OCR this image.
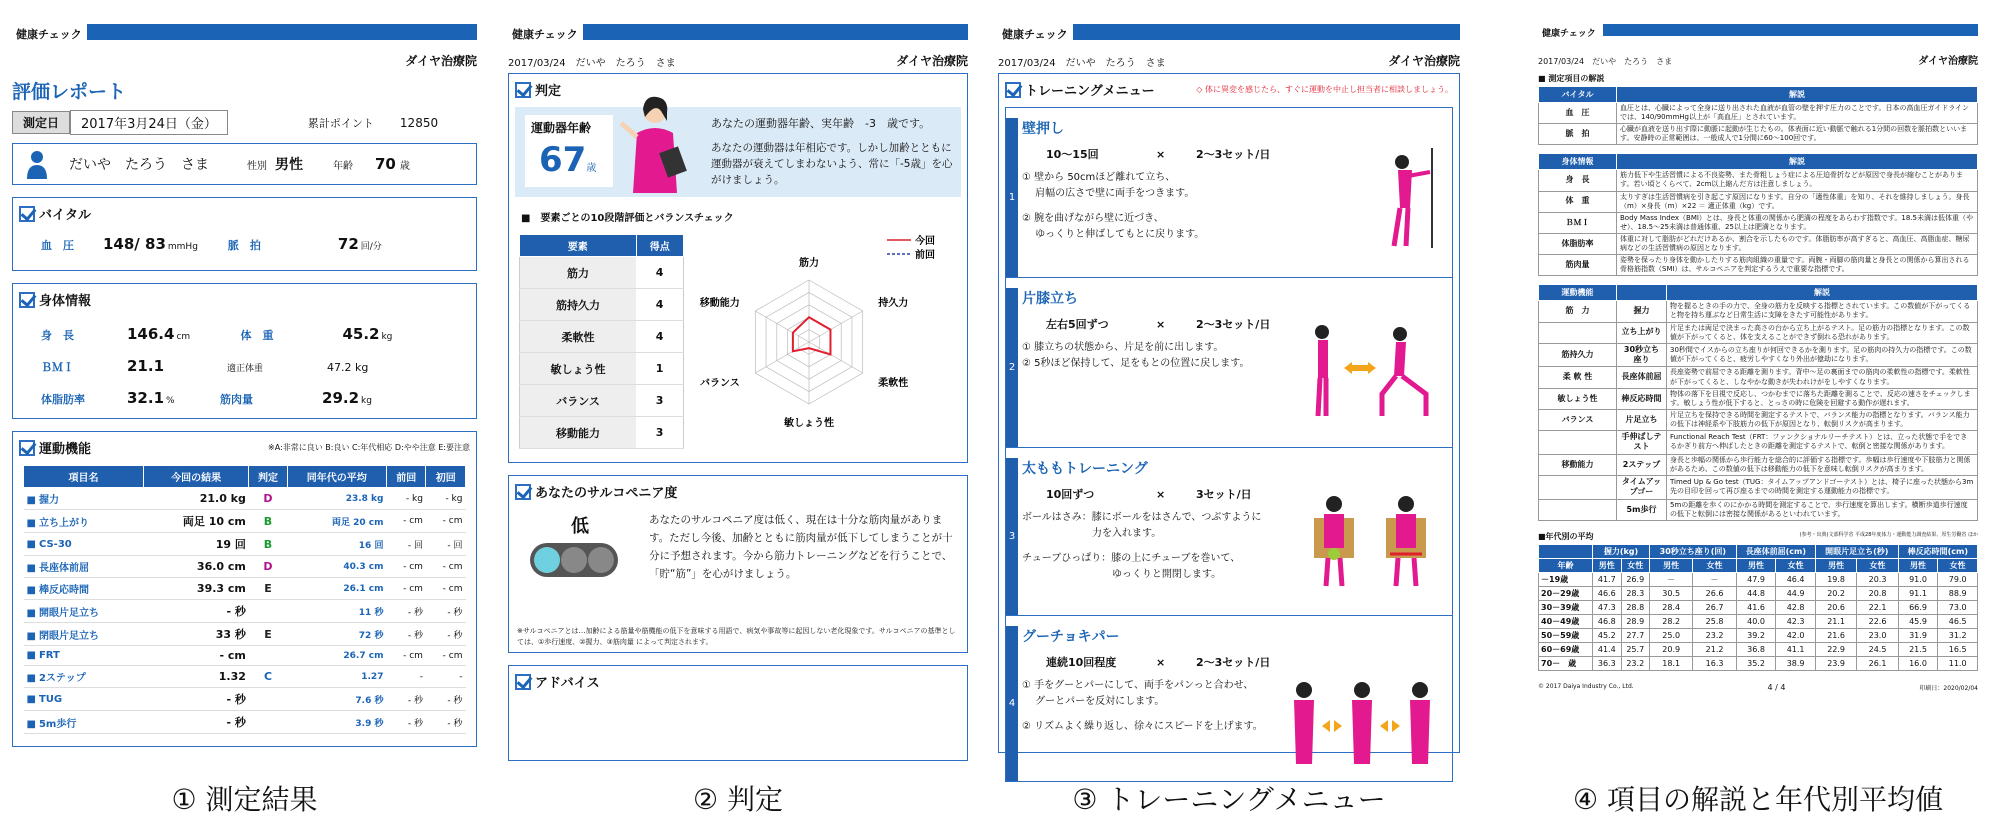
健康チェック
ダイヤ治療院
評価レポート
測定日	2017年3月24日（金）	累計ポイント 12850
だいや　たろう　さま	性別 男性	年齢 70 歳
バイタル
血　圧	148/ 83 mmHg	脈　拍	72 回/分
身体情報
身　長	146.4 cm	体　重	45.2 kg
ＢＭＩ	21.1	適正体重	47.2 kg
体脂肪率	32.1 %	筋肉量	29.2 kg
運動機能	※A:非常に良い B:良い C:年代相応 D:やや注意 E:要注意
項目名	今回の結果	判定	同年代の平均	前回	初回
■ 握力	21.0 kg	D	23.8 kg	- kg	- kg
■ 立ち上がり	両足 10 cm	B	両足 20 cm	- cm	- cm
■ CS-30	19 回	B	16 回	- 回	- 回
■ 長座体前屈	36.0 cm	D	40.3 cm	- cm	- cm
■ 棒反応時間	39.3 cm	E	26.1 cm	- cm	- cm
■ 開眼片足立ち	- 秒		11 秒	- 秒	- 秒
■ 閉眼片足立ち	33 秒	E	72 秒	- 秒	- 秒
■ FRT	- cm		26.7 cm	- cm	- cm
■ 2ステップ	1.32	C	1.27	-	-
■ TUG	- 秒		7.6 秒	- 秒	- 秒
■ 5m歩行	- 秒		3.9 秒	- 秒	- 秒
健康チェック
2017/03/24　 だいや　たろう　さま	ダイヤ治療院
判定
運動器年齢
67歳
あなたの運動器年齢、実年齢　-3　歳です。
あなたの運動器は年相応です。しかし加齢とともに運動器が衰えてしまわないよう、常に「-5歳」を心がけましょう。
■　要素ごとの10段階評価とバランスチェック
要素	得点
筋力	4
筋持久力	4
柔軟性	4
敏しょう性	1
バランス	3
移動能力	3
筋力
持久力
柔軟性
敏しょう性
バランス
移動能力
今回
前回
あなたのサルコペニア度
低	あなたのサルコペニア度は低く、現在は十分な筋肉量があります。ただし今後、加齢とともに筋肉量が低下してしまうことが十分に予想されます。今から筋力トレーニングなどを行うことで、「貯“筋”」を心がけましょう。
※サルコペニアとは…加齢による筋量や筋機能の低下を意味する用語で、病気や事故等に起因しない老化現象です。サルコペニアの基準としては、①歩行速度、②握力、③筋肉量 によって判定されます。
アドバイス
健康チェック
2017/03/24　 だいや　たろう　さま	ダイヤ治療院
トレーニングメニュー	◇ 体に異変を感じたら、すぐに運動を中止し担当者に相談しましょう。
1
壁押し
10～15回	×	2～3セット/日
① 壁から 50cmほど離れて立ち、
　 肩幅の広さで壁に両手をつきます。
② 腕を曲げながら壁に近づき、
　 ゆっくりと伸ばしてもとに戻ります。
2
片膝立ち
左右5回ずつ	×	2～3セット/日
① 膝立ちの状態から、片足を前に出します。
② 5秒ほど保持して、足をもとの位置に戻します。
3
太ももトレーニング
10回ずつ	×	3セット/日
ボールはさみ：膝にボールをはさんで、つぶすように
　　　　　　　力を入れます。
チューブひっぱり：膝の上にチューブを巻いて、
　　　　　　　　　ゆっくりと開閉します。
4
グーチョキパー
連続10回程度	×	2～3セット/日
① 手をグーとパーにして、両手をパンっと合わせ、
　 グーとパーを反対にします。
② リズムよく繰り返し、徐々にスピードを上げます。
健康チェック
2017/03/24　 だいや　たろう　さま	ダイヤ治療院
■ 測定項目の解説
バイタル	解説
血　圧	血圧とは、心臓によって全身に送り出された血液が血管の壁を押す圧力のことです。日本の高血圧ガイドラインでは、140/90mmHg以上が「高血圧」とされています。
脈　拍	心臓が血液を送り出す際に動脈に起動が生じたもの。体表面に近い動脈で触れる1分間の回数を脈拍数といいます。安静時の正常範囲は、一般成人で1分間に60～100回です。
身体情報	解説
身　長	筋力低下や生活習慣による不良姿勢、また骨粗しょう症による圧迫骨折などが原因で身長が縮むことがあります。若い頃とくらべて、2cm以上縮んだ方は注意しましょう。
体　重	太りすぎは生活習慣病を引き起こす原因になります。自分の「適性体重」を知り、それを維持しましょう。身長（m）×身長（m）×22 ＝ 適正体重（kg）です。
ＢＭＩ	Body Mass Index（BMI）とは、身長と体重の関係から肥満の程度をあらわす指数です。18.5未満は低体重（やせ）、18.5～25未満は普通体重、25以上は肥満となります。
体脂肪率	体重に対して脂肪がどれだけあるか、割合を示したものです。体脂肪率が高すぎると、高血圧、高脂血症、糖尿病などの生活習慣病の原因となります。
筋肉量	姿勢を保ったり身体を動かしたりする筋肉組織の重量です。両腕・両脚の筋肉量と身長との関係から算出される骨格筋指数（SMI）は、サルコペニアを判定するうえで重要な指標です。
運動機能		解説
筋　力	握力	物を握るときの手の力で、全身の筋力を反映する指標とされています。この数値が下がってくると物を持ち運ぶなど日常生活に支障をきたす可能性があります。
	立ち上がり	片足または両足で決まった高さの台から立ち上がるテスト。足の筋力の指標となります。この数値が下がってくると、体を支えることができず倒れる恐れがあります。
筋持久力	30秒立ち座り	30秒間でイスからの立ち座りが何回できるかを測ります。足の筋肉の持久力の指標です。この数値が下がってくると、疲労しやすくなり外出が億劫になります。
柔 軟 性	長座体前屈	長座姿勢で前屈できる距離を測ります。背中～足の裏面までの筋肉の柔軟性の指標です。柔軟性が下がってくると、しなやかな動きが失われけがをしやすくなります。
敏しょう性	棒反応時間	物体の落下を目視で反応し、つかむまでに落ちた距離を測ることで、反応の速さをチェックします。敏しょう性が低下すると、とっさの時に危険を回避する動作が遅れます。
バランス	片足立ち	片足立ちを保持できる時間を測定するテストで、バランス能力の指標となります。バランス能力の低下は神経系や下肢筋力の低下が原因となり、転倒リスクが高まります。
	手伸ばしテスト	Functional Reach Test（FRT：ファンクショナルリーチテスト）とは、立った状態で手をできるかぎり前方へ伸ばしたときの距離を測定するテストで、転倒と密接な関係があります。
移動能力	2ステップ	身長と歩幅の関係から歩行能力を総合的に評価する指標です。歩幅は歩行速度や下肢筋力と関係があるため、この数値の低下は移動能力の低下を意味し転倒リスクが高まります。
	タイムアップゴー	Timed Up & Go test（TUG：タイムアップアンドゴーテスト）とは、椅子に座った状態から3m先の目印を回って再び座るまでの時間を測定する運動能力の指標です。
	5m歩行	5mの距離を歩くのにかかる時間を測定することで、歩行速度を算出します。横断歩道歩行速度の低下と転倒には密接な関係があるといわれています。
■年代別の平均	(参考・出典)文部科学省 平成28年度体力・運動能力調査結果、厚生労働省 ほか
	握力(kg)		30秒立ち座り(回)		長座体前屈(cm)		開眼片足立ち(秒)		棒反応時間(cm)	
年齢	男性	女性	男性	女性	男性	女性	男性	女性	男性	女性
－19歳	41.7	26.9	－	－	47.9	46.4	19.8	20.3	91.0	79.0
20－29歳	46.6	28.3	30.5	26.6	44.8	44.9	20.2	20.8	91.1	88.9
30－39歳	47.3	28.8	28.4	26.7	41.6	42.8	20.6	22.1	66.9	73.0
40－49歳	46.8	28.9	28.2	25.8	40.0	42.3	21.1	22.6	45.9	46.5
50－59歳	45.2	27.7	25.0	23.2	39.2	42.0	21.6	23.0	31.9	31.2
60－69歳	41.4	25.7	20.9	21.2	36.8	41.1	22.9	24.5	21.5	16.5
70－　歳	36.3	23.2	18.1	16.3	35.2	38.9	23.9	26.1	16.0	11.0
© 2017 Daiya Industry Co., Ltd.	4 / 4	印刷日：2020/02/04
① 測定結果	② 判定	③ トレーニングメニュー	④ 項目の解説と年代別平均値
